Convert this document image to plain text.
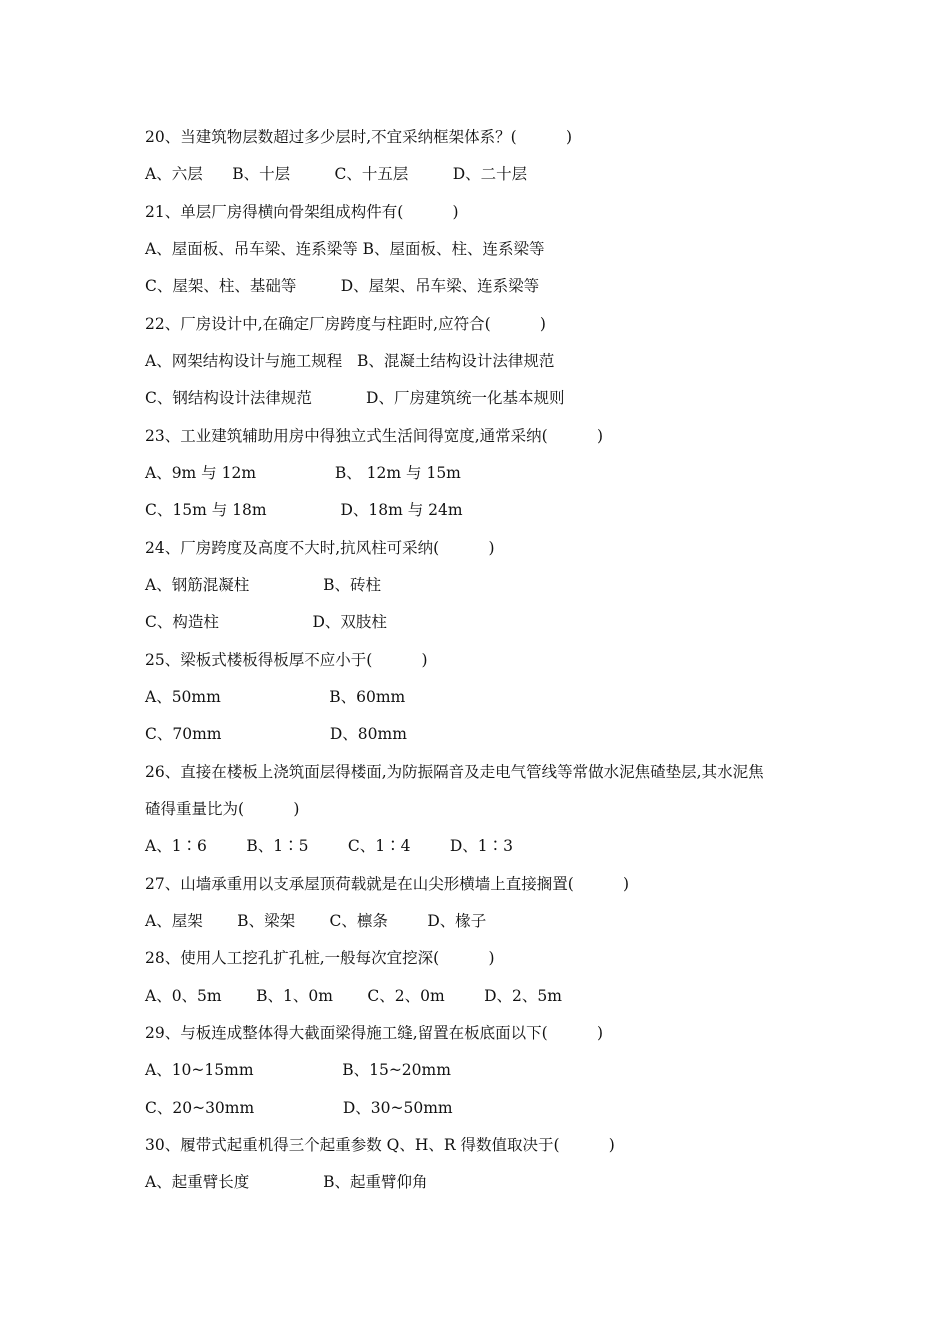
20、当建筑物层数超过多少层时,不宜采纳框架体系？(          )
A、六层      B、十层         C、十五层         D、二十层
21、单层厂房得横向骨架组成构件有(          )
A、屋面板、吊车梁、连系梁等 B、屋面板、柱、连系梁等
C、屋架、柱、基础等         D、屋架、吊车梁、连系梁等
22、厂房设计中,在确定厂房跨度与柱距时,应符合(          )
A、网架结构设计与施工规程   B、混凝土结构设计法律规范
C、钢结构设计法律规范           D、厂房建筑统一化基本规则
23、工业建筑辅助用房中得独立式生活间得宽度,通常采纳(          )
A、9m 与 12m                B、 12m 与 15m
C、15m 与 18m               D、18m 与 24m
24、厂房跨度及高度不大时,抗风柱可采纳(          )
A、钢筋混凝柱               B、砖柱
C、构造柱                   D、双肢柱
25、梁板式楼板得板厚不应小于(          )
A、50mm                      B、60mm
C、70mm                      D、80mm
26、直接在楼板上浇筑面层得楼面,为防振隔音及走电气管线等常做水泥焦碴垫层,其水泥焦
碴得重量比为(          )
A、1∶6        B、1∶5        C、1∶4        D、1∶3
27、山墙承重用以支承屋顶荷载就是在山尖形横墙上直接搁置(          )
A、屋架       B、梁架       C、檩条        D、椽子
28、使用人工挖孔扩孔桩,一般每次宜挖深(          )
A、0、5m       B、1、0m       C、2、0m        D、2、5m
29、与板连成整体得大截面梁得施工缝,留置在板底面以下(          )
A、10~15mm                  B、15~20mm
C、20~30mm                  D、30~50mm
30、履带式起重机得三个起重参数 Q、H、R 得数值取决于(          )
A、起重臂长度               B、起重臂仰角
